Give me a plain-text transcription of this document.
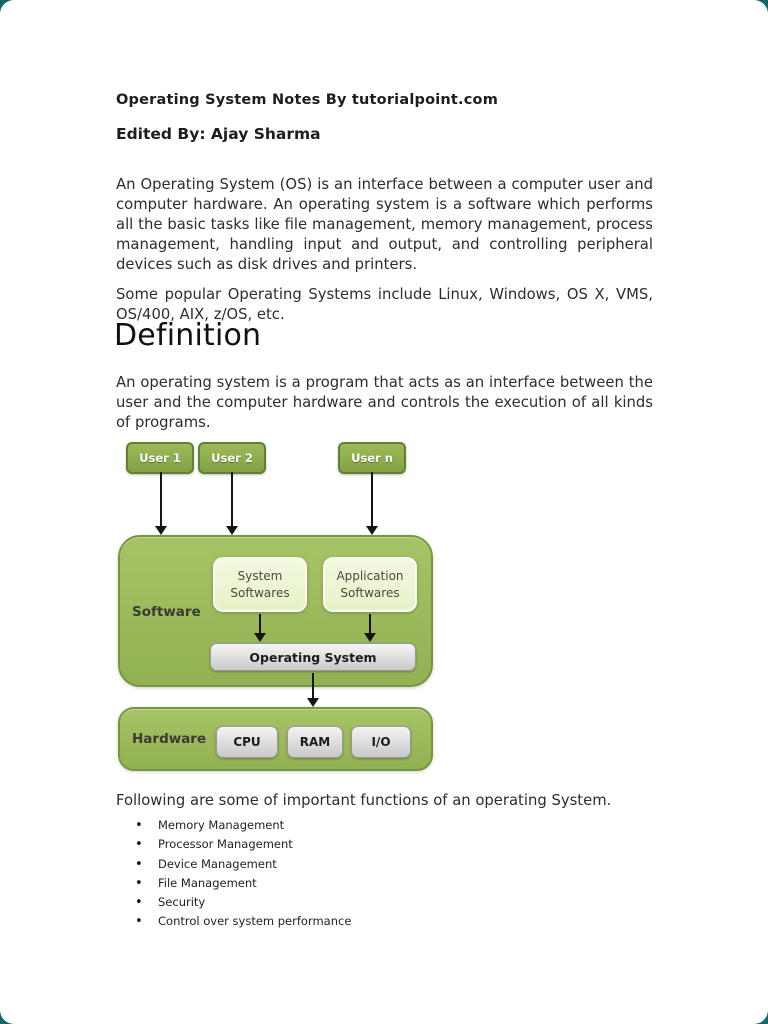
Operating System Notes By tutorialpoint.com
Edited By: Ajay Sharma

An Operating System (OS) is an interface between a computer user and computer hardware. An operating system is a software which performs all the basic tasks like file management, memory management, process management, handling input and output, and controlling peripheral devices such as disk drives and printers.

Some popular Operating Systems include Linux, Windows, OS X, VMS, OS/400, AIX, z/OS, etc.

Definition

An operating system is a program that acts as an interface between the user and the computer hardware and controls the execution of all kinds of programs.

User 1	User 2	User n
Software
System Softwares
Application Softwares
Operating System
Hardware	CPU	RAM	I/O

Following are some of important functions of an operating System.

• Memory Management
• Processor Management
• Device Management
• File Management
• Security
• Control over system performance
